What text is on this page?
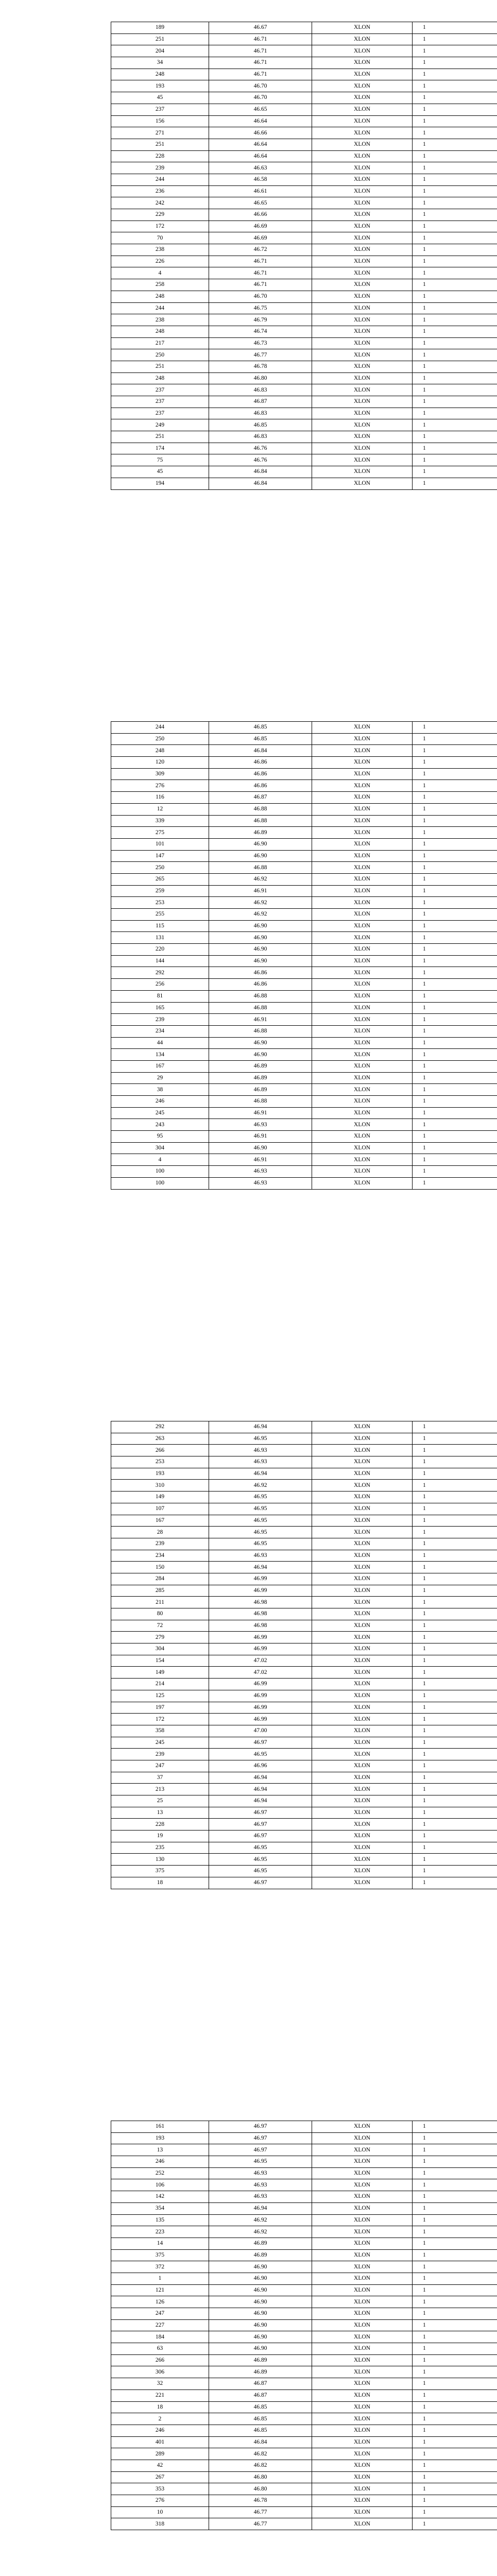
189	46.67	XLON	1
251	46.71	XLON	1
204	46.71	XLON	1
34	46.71	XLON	1
248	46.71	XLON	1
193	46.70	XLON	1
45	46.70	XLON	1
237	46.65	XLON	1
156	46.64	XLON	1
271	46.66	XLON	1
251	46.64	XLON	1
228	46.64	XLON	1
239	46.63	XLON	1
244	46.58	XLON	1
236	46.61	XLON	1
242	46.65	XLON	1
229	46.66	XLON	1
172	46.69	XLON	1
70	46.69	XLON	1
238	46.72	XLON	1
226	46.71	XLON	1
4	46.71	XLON	1
258	46.71	XLON	1
248	46.70	XLON	1
244	46.75	XLON	1
238	46.79	XLON	1
248	46.74	XLON	1
217	46.73	XLON	1
250	46.77	XLON	1
251	46.78	XLON	1
248	46.80	XLON	1
237	46.83	XLON	1
237	46.87	XLON	1
237	46.83	XLON	1
249	46.85	XLON	1
251	46.83	XLON	1
174	46.76	XLON	1
75	46.76	XLON	1
45	46.84	XLON	1
194	46.84	XLON	1
244	46.85	XLON	1
250	46.85	XLON	1
248	46.84	XLON	1
120	46.86	XLON	1
309	46.86	XLON	1
276	46.86	XLON	1
116	46.87	XLON	1
12	46.88	XLON	1
339	46.88	XLON	1
275	46.89	XLON	1
101	46.90	XLON	1
147	46.90	XLON	1
250	46.88	XLON	1
265	46.92	XLON	1
259	46.91	XLON	1
253	46.92	XLON	1
255	46.92	XLON	1
115	46.90	XLON	1
131	46.90	XLON	1
220	46.90	XLON	1
144	46.90	XLON	1
292	46.86	XLON	1
256	46.86	XLON	1
81	46.88	XLON	1
165	46.88	XLON	1
239	46.91	XLON	1
234	46.88	XLON	1
44	46.90	XLON	1
134	46.90	XLON	1
167	46.89	XLON	1
29	46.89	XLON	1
38	46.89	XLON	1
246	46.88	XLON	1
245	46.91	XLON	1
243	46.93	XLON	1
95	46.91	XLON	1
304	46.90	XLON	1
4	46.91	XLON	1
100	46.93	XLON	1
100	46.93	XLON	1
292	46.94	XLON	1
263	46.95	XLON	1
266	46.93	XLON	1
253	46.93	XLON	1
193	46.94	XLON	1
310	46.92	XLON	1
149	46.95	XLON	1
107	46.95	XLON	1
167	46.95	XLON	1
28	46.95	XLON	1
239	46.95	XLON	1
234	46.93	XLON	1
150	46.94	XLON	1
284	46.99	XLON	1
285	46.99	XLON	1
211	46.98	XLON	1
80	46.98	XLON	1
72	46.98	XLON	1
279	46.99	XLON	1
304	46.99	XLON	1
154	47.02	XLON	1
149	47.02	XLON	1
214	46.99	XLON	1
125	46.99	XLON	1
197	46.99	XLON	1
172	46.99	XLON	1
358	47.00	XLON	1
245	46.97	XLON	1
239	46.95	XLON	1
247	46.96	XLON	1
37	46.94	XLON	1
213	46.94	XLON	1
25	46.94	XLON	1
13	46.97	XLON	1
228	46.97	XLON	1
19	46.97	XLON	1
235	46.95	XLON	1
130	46.95	XLON	1
375	46.95	XLON	1
18	46.97	XLON	1
161	46.97	XLON	1
193	46.97	XLON	1
13	46.97	XLON	1
246	46.95	XLON	1
252	46.93	XLON	1
106	46.93	XLON	1
142	46.93	XLON	1
354	46.94	XLON	1
135	46.92	XLON	1
223	46.92	XLON	1
14	46.89	XLON	1
375	46.89	XLON	1
372	46.90	XLON	1
1	46.90	XLON	1
121	46.90	XLON	1
126	46.90	XLON	1
247	46.90	XLON	1
227	46.90	XLON	1
184	46.90	XLON	1
63	46.90	XLON	1
266	46.89	XLON	1
306	46.89	XLON	1
32	46.87	XLON	1
221	46.87	XLON	1
18	46.85	XLON	1
2	46.85	XLON	1
246	46.85	XLON	1
401	46.84	XLON	1
289	46.82	XLON	1
42	46.82	XLON	1
267	46.80	XLON	1
353	46.80	XLON	1
276	46.78	XLON	1
10	46.77	XLON	1
318	46.77	XLON	1
